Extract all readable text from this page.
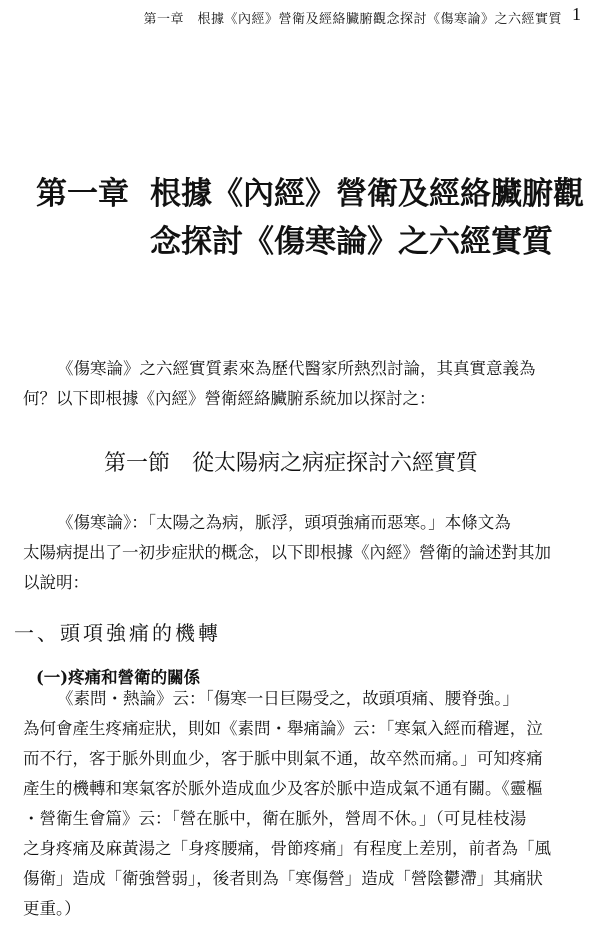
第一章　根據《內經》營衛及經絡臟腑觀念探討《傷寒論》之六經實質 1
第一章 根據《內經》營衛及經絡臟腑觀
念探討《傷寒論》之六經實質
《傷寒論》之六經實質素來為歷代醫家所熱烈討論，其真實意義為
何？以下即根據《內經》營衛經絡臟腑系統加以探討之：
第一節　從太陽病之病症探討六經實質
《傷寒論》：「太陽之為病，脈浮，頭項強痛而惡寒。」本條文為
太陽病提出了一初步症狀的概念，以下即根據《內經》營衛的論述對其加
以說明：
一、頭項強痛的機轉
(一)疼痛和營衛的關係
《素問・熱論》云：「傷寒一日巨陽受之，故頭項痛、腰脊強。」
為何會產生疼痛症狀，則如《素問・舉痛論》云：「寒氣入經而稽遲，泣
而不行，客于脈外則血少，客于脈中則氣不通，故卒然而痛。」可知疼痛
產生的機轉和寒氣客於脈外造成血少及客於脈中造成氣不通有關。《靈樞
・營衛生會篇》云：「營在脈中，衛在脈外，營周不休。」（可見桂枝湯
之身疼痛及麻黃湯之「身疼腰痛，骨節疼痛」有程度上差別，前者為「風
傷衛」造成「衛強營弱」，後者則為「寒傷營」造成「營陰鬱滯」其痛狀
更重。）
